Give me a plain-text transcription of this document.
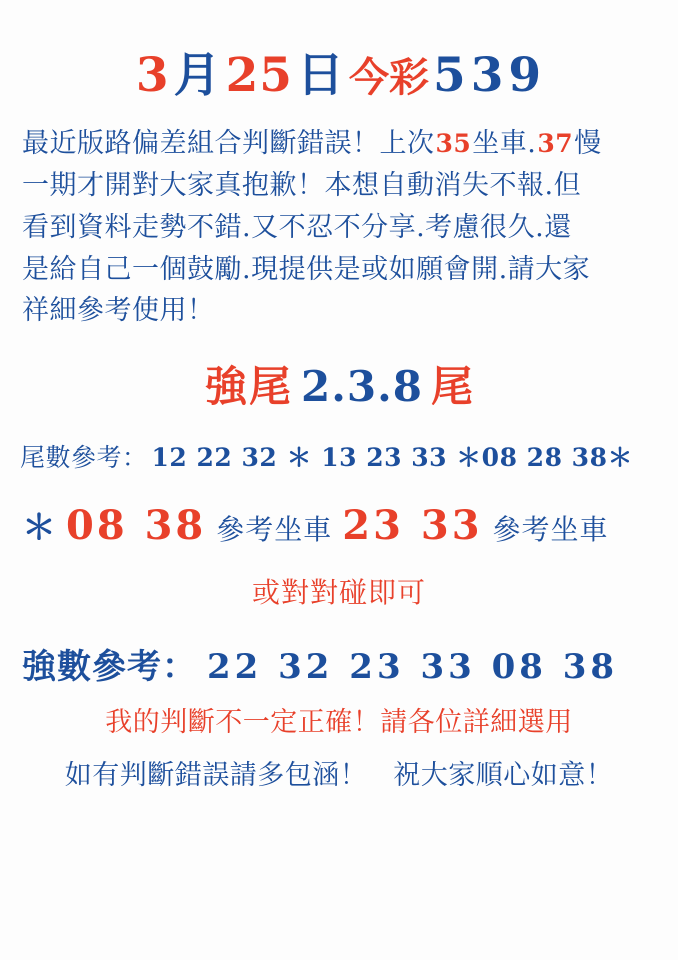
3 月 25 日 今彩 5 3 9
最近版路偏差組合判斷錯誤！上次35坐車.37慢
一期才開對大家真抱歉！本想自動消失不報.但
看到資料走勢不錯.又不忍不分享.考慮很久.還
是給自己一個鼓勵.現提供是或如願會開.請大家
祥細參考使用！
強尾 2.3.8 尾
尾數參考： 12 22 32 ＊ 13 23 33 ＊08 28 38＊
＊ 08 38 參考坐車 23 33 參考坐車
或對對碰即可
強數參考： 22 32 23 33 08 38
我的判斷不一定正確！請各位詳細選用
如有判斷錯誤請多包涵！ 祝大家順心如意！
